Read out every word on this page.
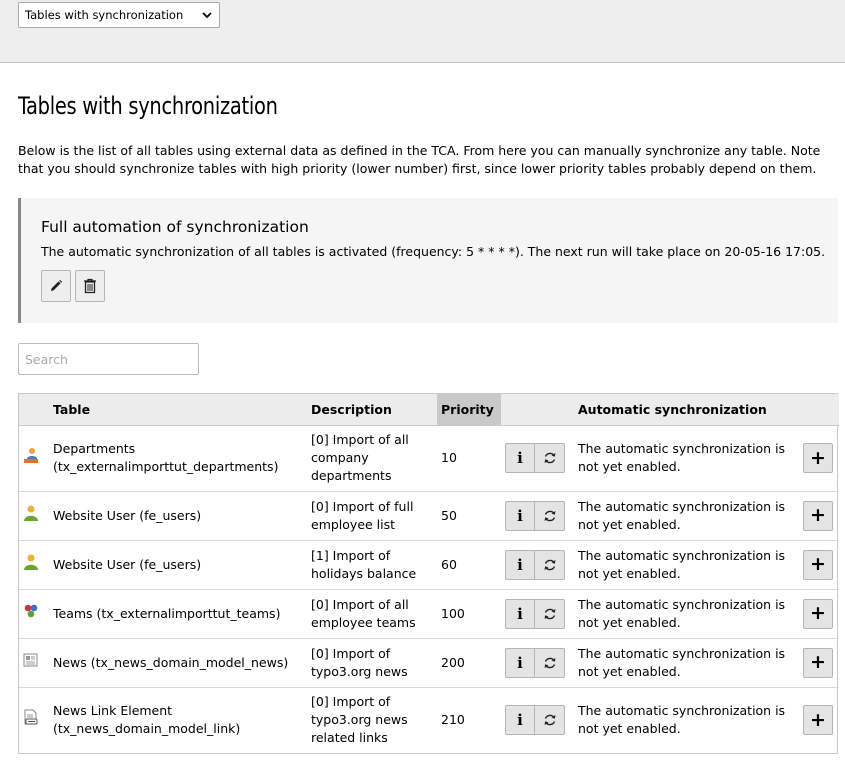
Tables with synchronization
Tables with synchronization

Below is the list of all tables using external data as defined in the TCA. From here you can manually synchronize any table. Note that you should synchronize tables with high priority (lower number) first, since lower priority tables probably depend on them.

Full automation of synchronization

The automatic synchronization of all tables is activated (frequency: 5 * * * *). The next run will take place on 20-05-16 17:05.

Search
	Table	Description	Priority		Automatic synchronization	

	Departments (tx_externalimporttut_departments)	[0] Import of all company departments	10	i	The automatic synchronization is not yet enabled.	+

	Website User (fe_users)	[0] Import of full employee list	50	i	The automatic synchronization is not yet enabled.	+

	Website User (fe_users)	[1] Import of holidays balance	60	i	The automatic synchronization is not yet enabled.	+

	Teams (tx_externalimporttut_teams)	[0] Import of all employee teams	100	i	The automatic synchronization is not yet enabled.	+

	News (tx_news_domain_model_news)	[0] Import of typo3.org news	200	i	The automatic synchronization is not yet enabled.	+

	News Link Element (tx_news_domain_model_link)	[0] Import of typo3.org news related links	210	i	The automatic synchronization is not yet enabled.	+
